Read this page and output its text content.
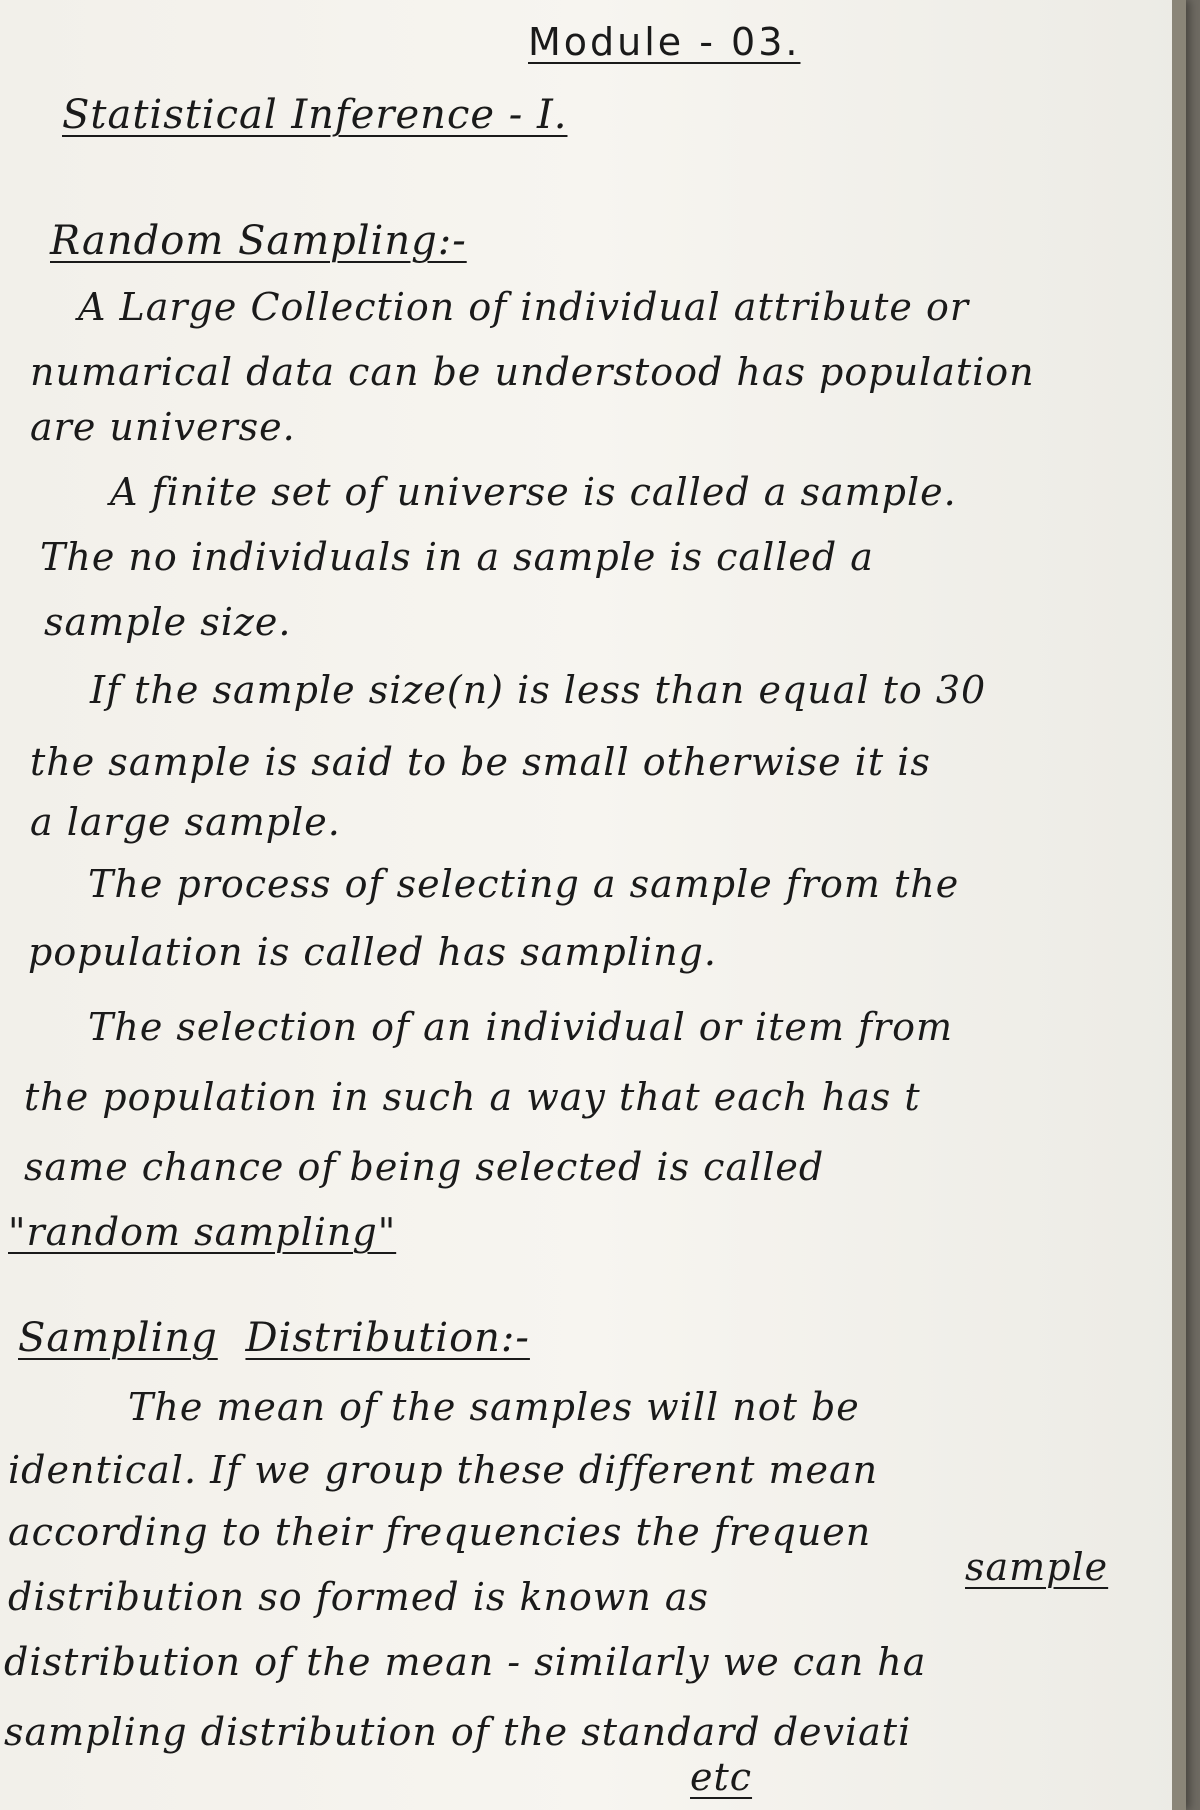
Module - 03.
Statistical Inference - I.
Random Sampling:-
A Large Collection of individual attribute or
numarical data can be understood has population
are universe.
A finite set of universe is called a sample.
The no individuals in a sample is called a
sample size.
If the sample size(n) is less than equal to 30
the sample is said to be small otherwise it is
a large sample.
The process of selecting a sample from the
population is called has sampling.
The selection of an individual or item from
the population in such a way that each has t
same chance of being selected is called
"random sampling"
Sampling Distribution:-
The mean of the samples will not be
identical. If we group these different mean
according to their frequencies the frequen
distribution so formed is known as
sample
distribution of the mean - similarly we can ha
sampling distribution of the standard deviati
etc
